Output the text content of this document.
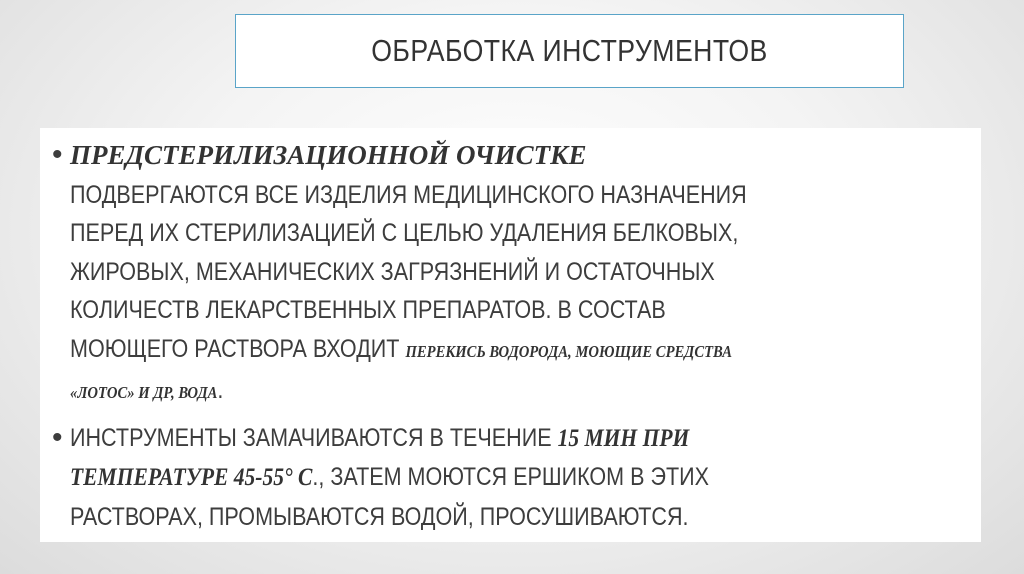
ОБРАБОТКА ИНСТРУМЕНТОВ
• ПРЕДСТЕРИЛИЗАЦИОННОЙ ОЧИСТКЕ
ПОДВЕРГАЮТСЯ ВСЕ ИЗДЕЛИЯ МЕДИЦИНСКОГО НАЗНАЧЕНИЯ
ПЕРЕД ИХ СТЕРИЛИЗАЦИЕЙ С ЦЕЛЬЮ УДАЛЕНИЯ БЕЛКОВЫХ,
ЖИРОВЫХ, МЕХАНИЧЕСКИХ ЗАГРЯЗНЕНИЙ И ОСТАТОЧНЫХ
КОЛИЧЕСТВ ЛЕКАРСТВЕННЫХ ПРЕПАРАТОВ. В СОСТАВ
МОЮЩЕГО РАСТВОРА ВХОДИТ ПЕРЕКИСЬ ВОДОРОДА, МОЮЩИЕ СРЕДСТВА
«ЛОТОС» И ДР, ВОДА.
• ИНСТРУМЕНТЫ ЗАМАЧИВАЮТСЯ В ТЕЧЕНИЕ 15 МИН ПРИ
ТЕМПЕРАТУРЕ 45-55° С., ЗАТЕМ МОЮТСЯ ЕРШИКОМ В ЭТИХ
РАСТВОРАХ, ПРОМЫВАЮТСЯ ВОДОЙ, ПРОСУШИВАЮТСЯ.
